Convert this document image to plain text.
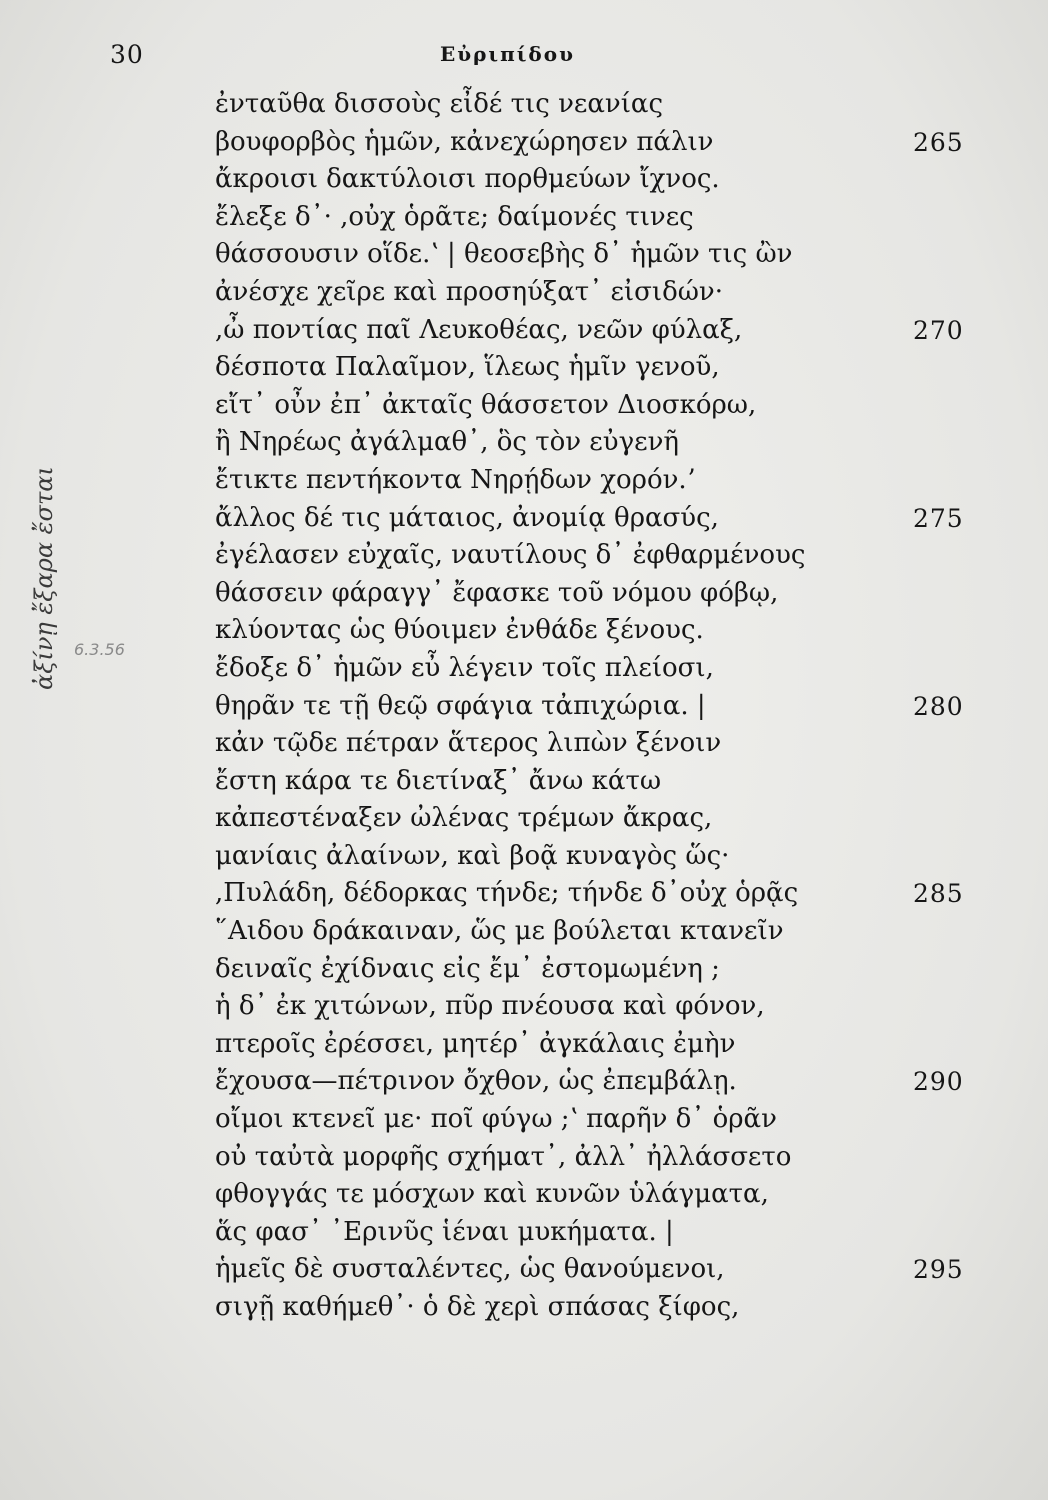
30	Εὐριπίδου
6.3.56
ἀξίνῃ ἔξαρα ἔσται
ἐνταῦθα δισσοὺς εἶδέ τις νεανίας
βουφορβὸς ἡμῶν, κἀνεχώρησεν πάλιν	265
ἄκροισι δακτύλοισι πορθμεύων ἴχνος.
ἔλεξε δ᾽· ,οὐχ ὁρᾶτε; δαίμονές τινες
θάσσουσιν οἵδε.ʽ | θεοσεβὴς δ᾽ ἡμῶν τις ὢν
ἀνέσχε χεῖρε καὶ προσηύξατ᾽ εἰσιδών·
,ὦ ποντίας παῖ Λευκοθέας, νεῶν φύλαξ,	270
δέσποτα Παλαῖμον, ἵλεως ἡμῖν γενοῦ,
εἴτ᾽ οὖν ἐπ᾽ ἀκταῖς θάσσετον Διοσκόρω,
ἢ Νηρέως ἀγάλμαθ᾽, ὃς τὸν εὐγενῆ
ἔτικτε πεντήκοντα Νηρῄδων χορόν.ʼ
ἄλλος δέ τις μάταιος, ἀνομίᾳ θρασύς,	275
ἐγέλασεν εὐχαῖς, ναυτίλους δ᾽ ἐφθαρμένους
θάσσειν φάραγγ᾽ ἔφασκε τοῦ νόμου φόβῳ,
κλύοντας ὡς θύοιμεν ἐνθάδε ξένους.
ἔδοξε δ᾽ ἡμῶν εὖ λέγειν τοῖς πλείοσι,
θηρᾶν τε τῇ θεῷ σφάγια τἀπιχώρια. |	280
κἀν τῷδε πέτραν ἅτερος λιπὼν ξένοιν
ἔστη κάρα τε διετίναξ᾽ ἄνω κάτω
κἀπεστέναξεν ὠλένας τρέμων ἄκρας,
μανίαις ἀλαίνων, καὶ βοᾷ κυναγὸς ὥς·
,Πυλάδη, δέδορκας τήνδε; τήνδε δ᾽οὐχ ὁρᾷς	285
῞Αιδου δράκαιναν, ὥς με βούλεται κτανεῖν
δειναῖς ἐχίδναις εἰς ἔμ᾽ ἐστομωμένη ;
ἡ δ᾽ ἐκ χιτώνων, πῦρ πνέουσα καὶ φόνον,
πτεροῖς ἐρέσσει, μητέρ᾽ ἀγκάλαις ἐμὴν
ἔχουσα—πέτρινον ὄχθον, ὡς ἐπεμβάλῃ.	290
οἴμοι κτενεῖ με· ποῖ φύγω ;ʽ παρῆν δ᾽ ὁρᾶν
οὐ ταὐτὰ μορφῆς σχήματ᾽, ἀλλ᾽ ἠλλάσσετο
φθογγάς τε μόσχων καὶ κυνῶν ὑλάγματα,
ἅς φασ᾽ ᾿Ερινῦς ἱέναι μυκήματα. |
ἡμεῖς δὲ συσταλέντες, ὡς θανούμενοι,	295
σιγῇ καθήμεθ᾽· ὁ δὲ χερὶ σπάσας ξίφος,
